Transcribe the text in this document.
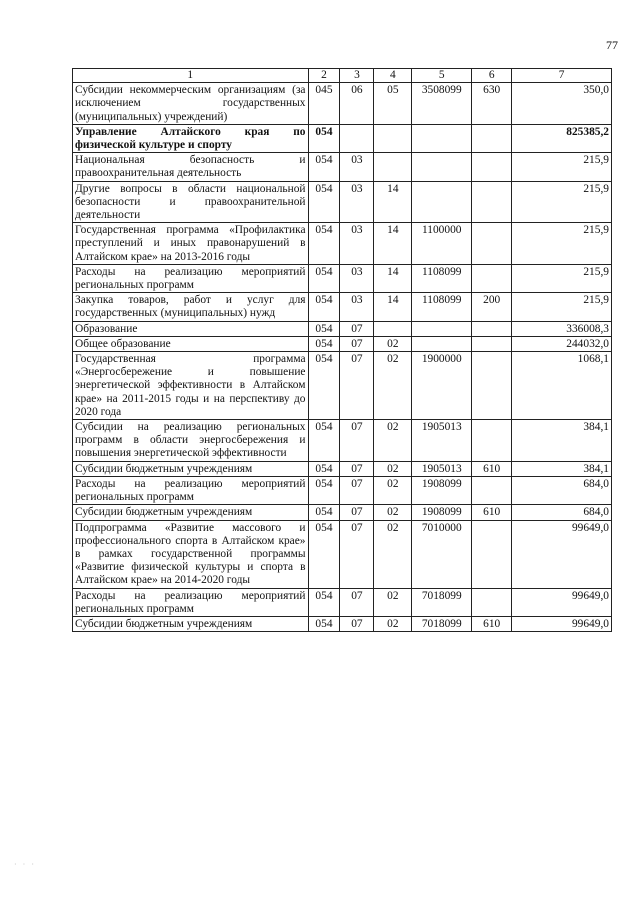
77
1	2	3	4	5	6	7
Субсидии некоммерческим организациям (за исключением государственных (муниципальных) учреждений)	045	06	05	3508099	630	350,0
Управление Алтайского края по физической культуре и спорту	054					825385,2
Национальная безопасность и правоохранительная деятельность	054	03				215,9
Другие вопросы в области национальной безопасности и правоохранительной деятельности	054	03	14			215,9
Государственная программа «Профилактика преступлений и иных правонарушений в Алтайском крае» на 2013-2016 годы	054	03	14	1100000		215,9
Расходы на реализацию мероприятий региональных программ	054	03	14	1108099		215,9
Закупка товаров, работ и услуг для государственных (муниципальных) нужд	054	03	14	1108099	200	215,9
Образование	054	07				336008,3
Общее образование	054	07	02			244032,0
Государственная программа «Энергосбережение и повышение энергетической эффективности в Алтайском крае» на 2011-2015 годы и на перспективу до 2020 года	054	07	02	1900000		1068,1
Субсидии на реализацию региональных программ в области энергосбережения и повышения энергетической эффективности	054	07	02	1905013		384,1
Субсидии бюджетным учреждениям	054	07	02	1905013	610	384,1
Расходы на реализацию мероприятий региональных программ	054	07	02	1908099		684,0
Субсидии бюджетным учреждениям	054	07	02	1908099	610	684,0
Подпрограмма «Развитие массового и профессионального спорта в Алтайском крае» в рамках государственной программы «Развитие физической культуры и спорта в Алтайском крае» на 2014-2020 годы	054	07	02	7010000		99649,0
Расходы на реализацию мероприятий региональных программ	054	07	02	7018099		99649,0
Субсидии бюджетным учреждениям	054	07	02	7018099	610	99649,0
· · ·
